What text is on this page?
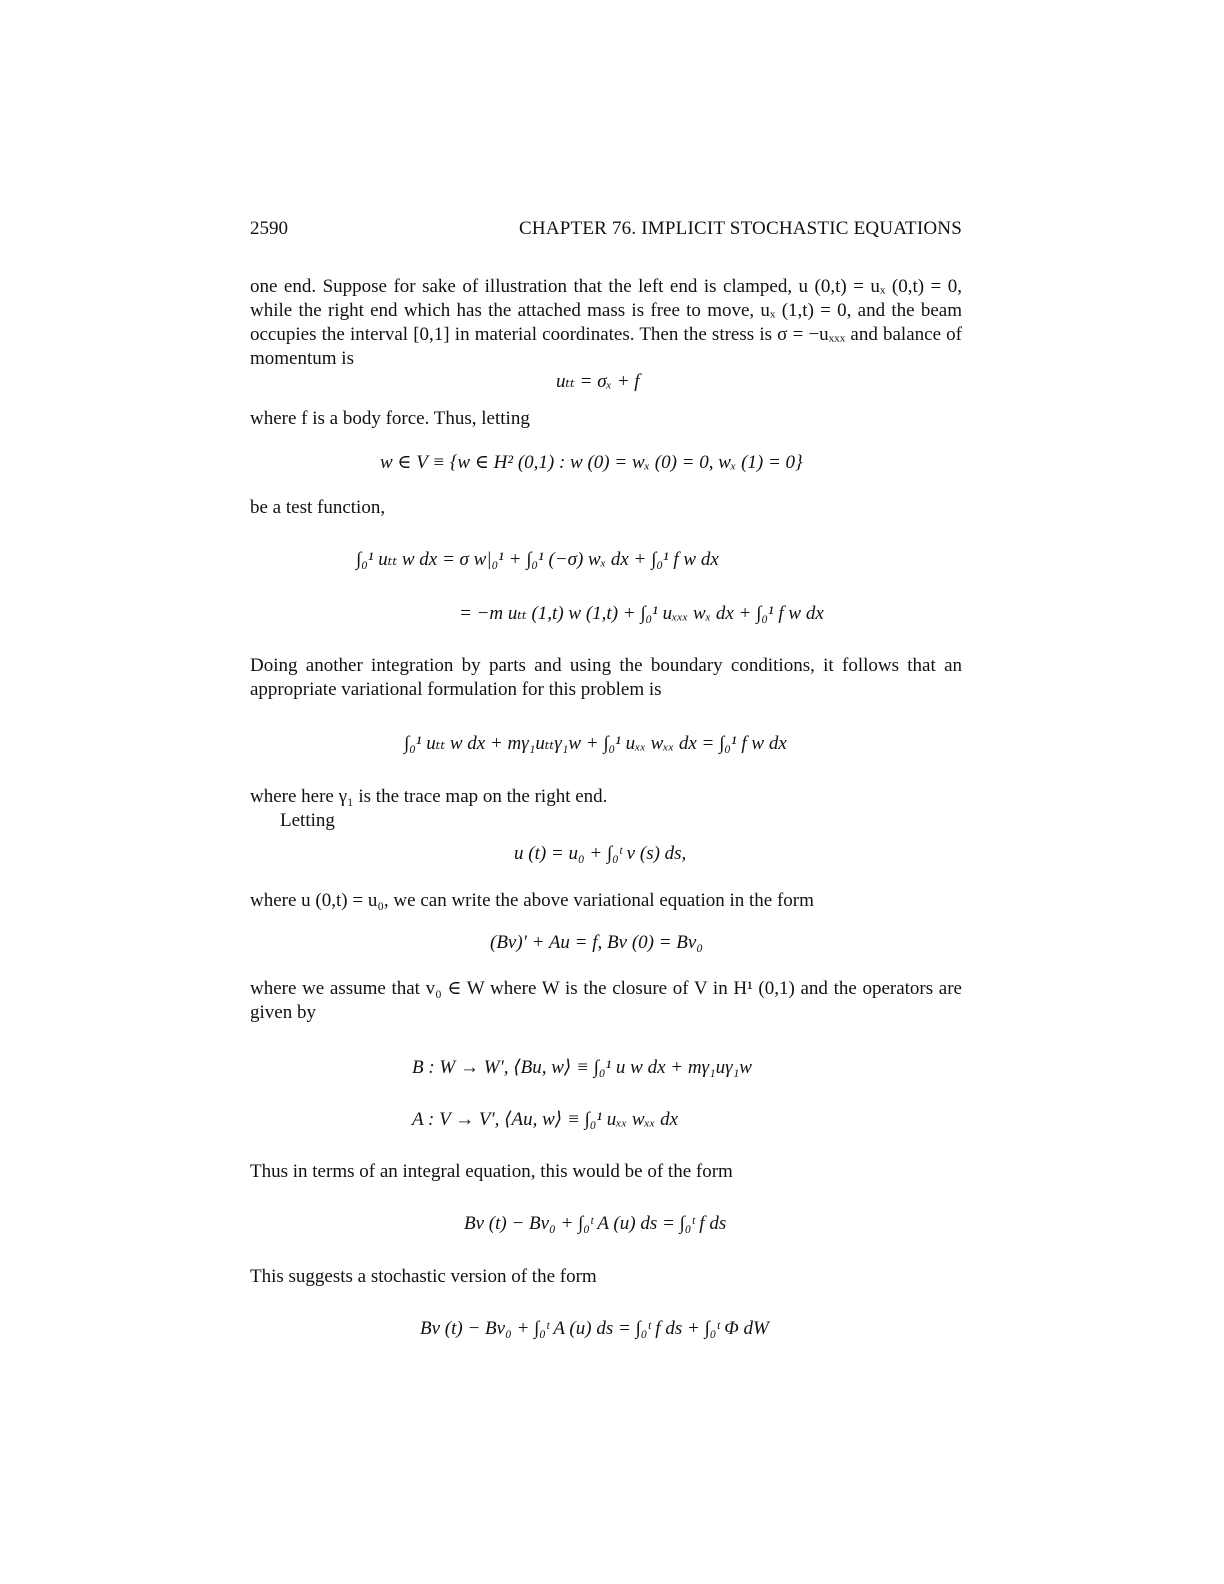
2590	CHAPTER 76. IMPLICIT STOCHASTIC EQUATIONS
one end. Suppose for sake of illustration that the left end is clamped, u (0,t) = uₓ (0,t) = 0, while the right end which has the attached mass is free to move, uₓ (1,t) = 0, and the beam occupies the interval [0,1] in material coordinates. Then the stress is σ = −uₓₓₓ and balance of momentum is
uₜₜ = σₓ + f
where f is a body force. Thus, letting
w ∈ V ≡ {w ∈ H² (0,1) : w (0) = wₓ (0) = 0, wₓ (1) = 0}
be a test function,
∫₀¹ uₜₜ w dx = σ w|₀¹ + ∫₀¹ (−σ) wₓ dx + ∫₀¹ f w dx
= −m uₜₜ (1,t) w (1,t) + ∫₀¹ uₓₓₓ wₓ dx + ∫₀¹ f w dx
Doing another integration by parts and using the boundary conditions, it follows that an appropriate variational formulation for this problem is
∫₀¹ uₜₜ w dx + mγ₁uₜₜγ₁w + ∫₀¹ uₓₓ wₓₓ dx = ∫₀¹ f w dx
where here γ₁ is the trace map on the right end.
Letting
u (t) = u₀ + ∫₀ᵗ v (s) ds,
where u (0,t) = u₀, we can write the above variational equation in the form
(Bv)′ + Au = f, Bv (0) = Bv₀
where we assume that v₀ ∈ W where W is the closure of V in H¹ (0,1) and the operators are given by
B : W → W′, ⟨Bu, w⟩ ≡ ∫₀¹ u w dx + mγ₁uγ₁w
A : V → V′, ⟨Au, w⟩ ≡ ∫₀¹ uₓₓ wₓₓ dx
Thus in terms of an integral equation, this would be of the form
Bv (t) − Bv₀ + ∫₀ᵗ A (u) ds = ∫₀ᵗ f ds
This suggests a stochastic version of the form
Bv (t) − Bv₀ + ∫₀ᵗ A (u) ds = ∫₀ᵗ f ds + ∫₀ᵗ Φ dW
